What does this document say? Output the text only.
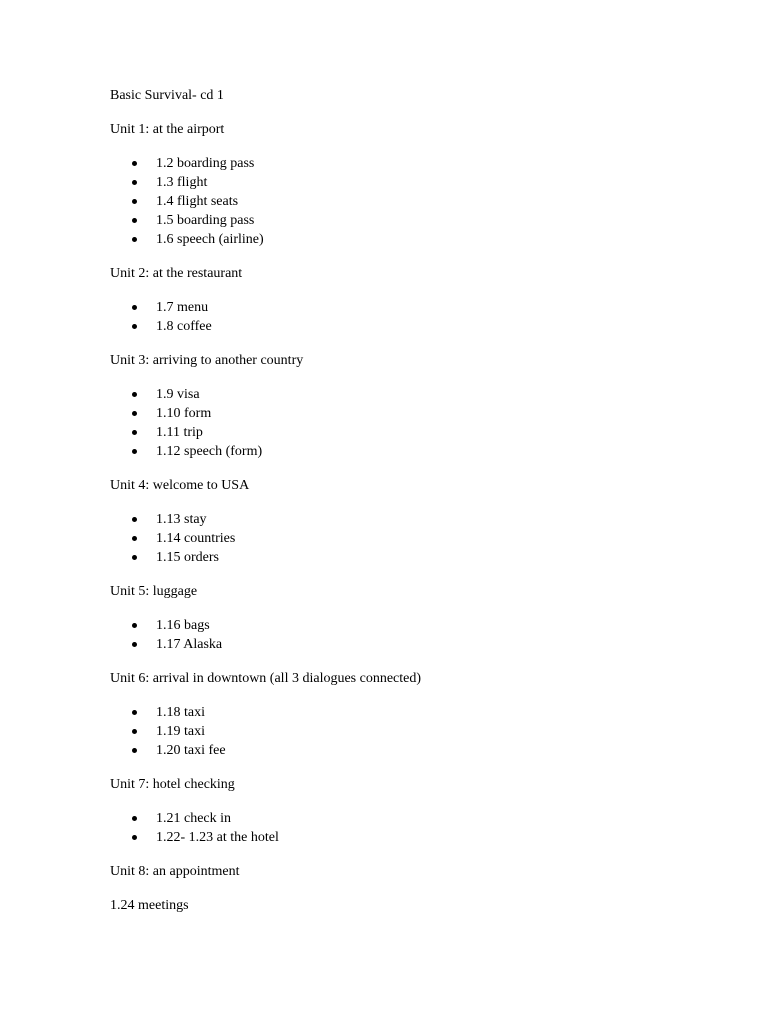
Basic Survival- cd 1
Unit 1: at the airport
1.2 boarding pass
1.3 flight
1.4 flight seats
1.5 boarding pass
1.6 speech (airline)
Unit 2: at the restaurant
1.7 menu
1.8 coffee
Unit 3: arriving to another country
1.9 visa
1.10 form
1.11 trip
1.12 speech (form)
Unit 4: welcome to USA
1.13 stay
1.14 countries
1.15 orders
Unit 5: luggage
1.16 bags
1.17 Alaska
Unit 6: arrival in downtown (all 3 dialogues connected)
1.18 taxi
1.19 taxi
1.20 taxi fee
Unit 7: hotel checking
1.21 check in
1.22- 1.23 at the hotel
Unit 8: an appointment
1.24 meetings
